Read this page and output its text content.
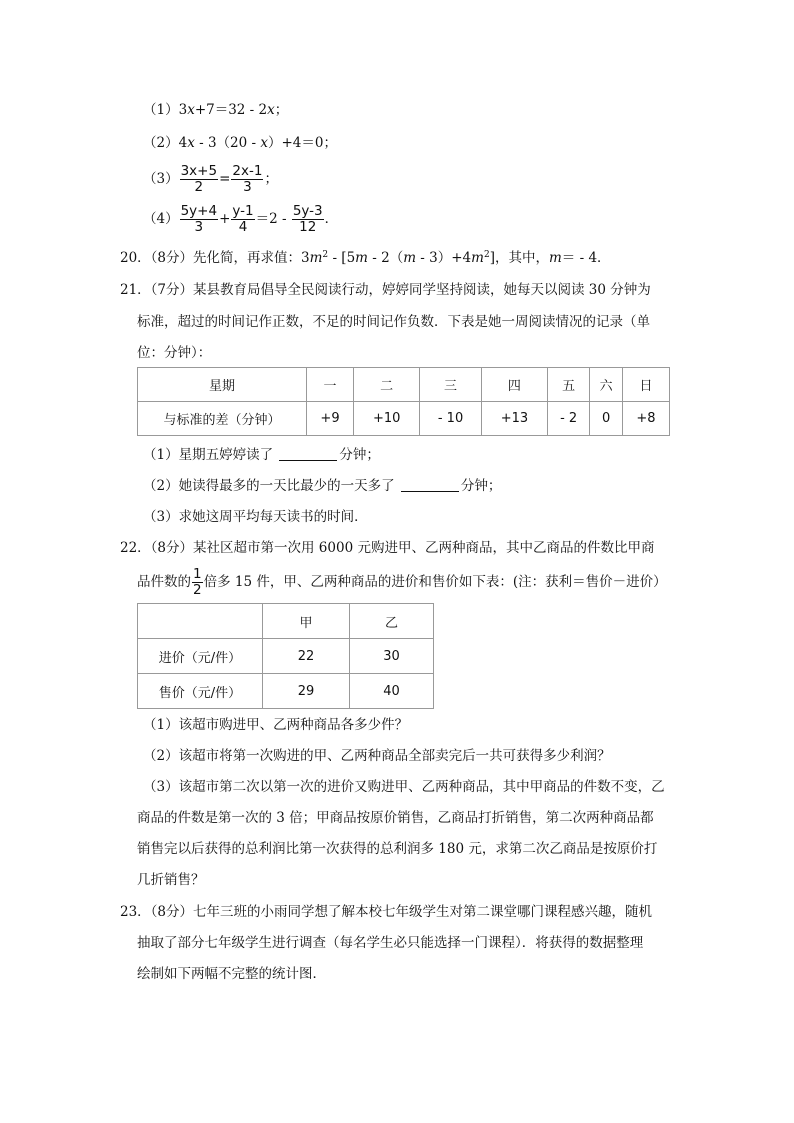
（1）3x+7＝32 - 2x；
（2）4x - 3（20 - x）+4＝0；
$(3) \frac{3x+5}{2} = \frac{2x-1}{3}$ ；
$(4) \frac{5y+4}{3} + \frac{y-1}{4} =2 - \frac{5y-3}{12}$ ．
20．（8分）先化简，再求值：$3m^2 - [5m - 2(m - 3)+4m^2]$，其中，m＝ - 4．
21．（7分）某县教育局倡导全民阅读行动，婷婷同学坚持阅读，她每天以阅读 30 分钟为
标准，超过的时间记作正数，不足的时间记作负数．下表是她一周阅读情况的记录（单
位：分钟）：
星期	一	二	三	四	五	六	日
与标准的差（分钟）	+9	+10	- 10	+13	- 2	0	+8
（1）星期五婷婷读了	分钟；
（2）她读得最多的一天比最少的一天多了	分钟；
（3）求她这周平均每天读书的时间．
22．（8分）某社区超市第一次用 6000 元购进甲、乙两种商品，其中乙商品的件数比甲商
品件数的 $\frac{1}{2}$ 倍多 15 件，甲、乙两种商品的进价和售价如下表：(注：获利＝售价－进价）
	甲	乙
进价（元/件）	22	30
售价（元/件）	29	40
（1）该超市购进甲、乙两种商品各多少件？
（2）该超市将第一次购进的甲、乙两种商品全部卖完后一共可获得多少利润？
（3）该超市第二次以第一次的进价又购进甲、乙两种商品，其中甲商品的件数不变，乙
商品的件数是第一次的 3 倍；甲商品按原价销售，乙商品打折销售，第二次两种商品都
销售完以后获得的总利润比第一次获得的总利润多 180 元，求第二次乙商品是按原价打
几折销售？
23．（8分）七年三班的小雨同学想了解本校七年级学生对第二课堂哪门课程感兴趣，随机
抽取了部分七年级学生进行调查（每名学生必只能选择一门课程）．将获得的数据整理
绘制如下两幅不完整的统计图．
